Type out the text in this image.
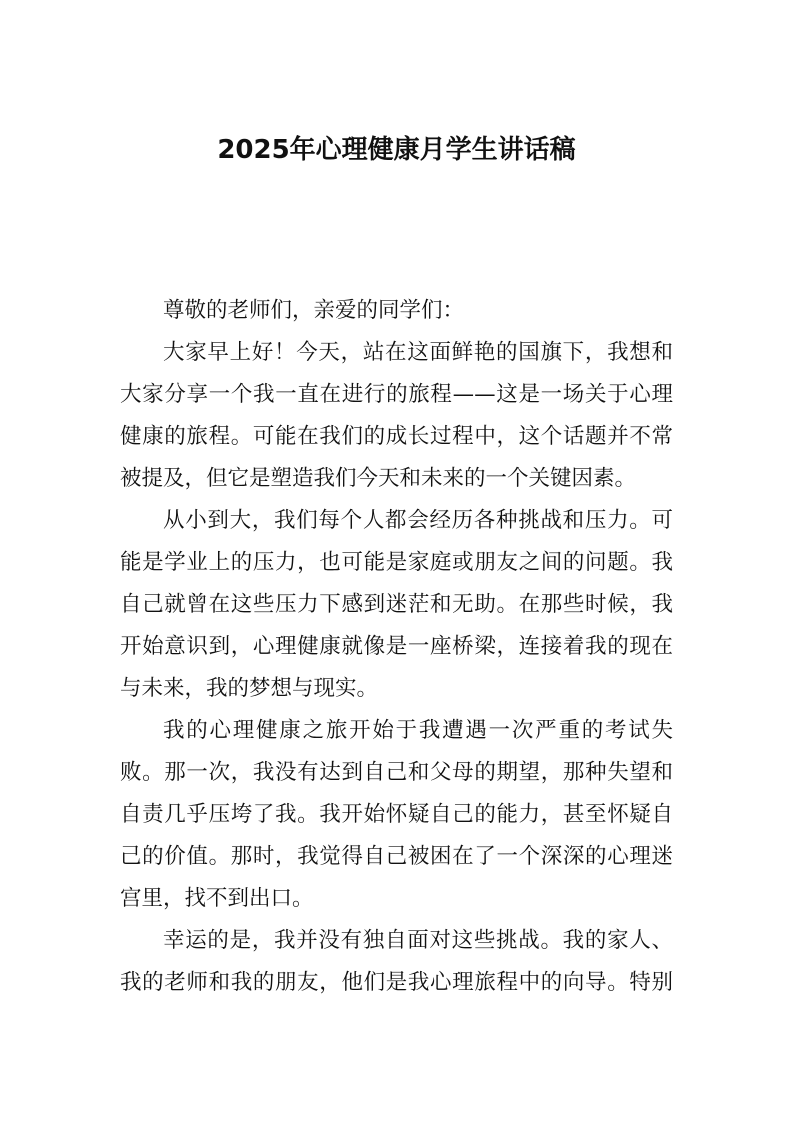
2025年心理健康月学生讲话稿
尊敬的老师们，亲爱的同学们：
大家早上好！今天，站在这面鲜艳的国旗下，我想和
大家分享一个我一直在进行的旅程——这是一场关于心理
健康的旅程。可能在我们的成长过程中，这个话题并不常
被提及，但它是塑造我们今天和未来的一个关键因素。
从小到大，我们每个人都会经历各种挑战和压力。可
能是学业上的压力，也可能是家庭或朋友之间的问题。我
自己就曾在这些压力下感到迷茫和无助。在那些时候，我
开始意识到，心理健康就像是一座桥梁，连接着我的现在
与未来，我的梦想与现实。
我的心理健康之旅开始于我遭遇一次严重的考试失
败。那一次，我没有达到自己和父母的期望，那种失望和
自责几乎压垮了我。我开始怀疑自己的能力，甚至怀疑自
己的价值。那时，我觉得自己被困在了一个深深的心理迷
宫里，找不到出口。
幸运的是，我并没有独自面对这些挑战。我的家人、
我的老师和我的朋友，他们是我心理旅程中的向导。特别
